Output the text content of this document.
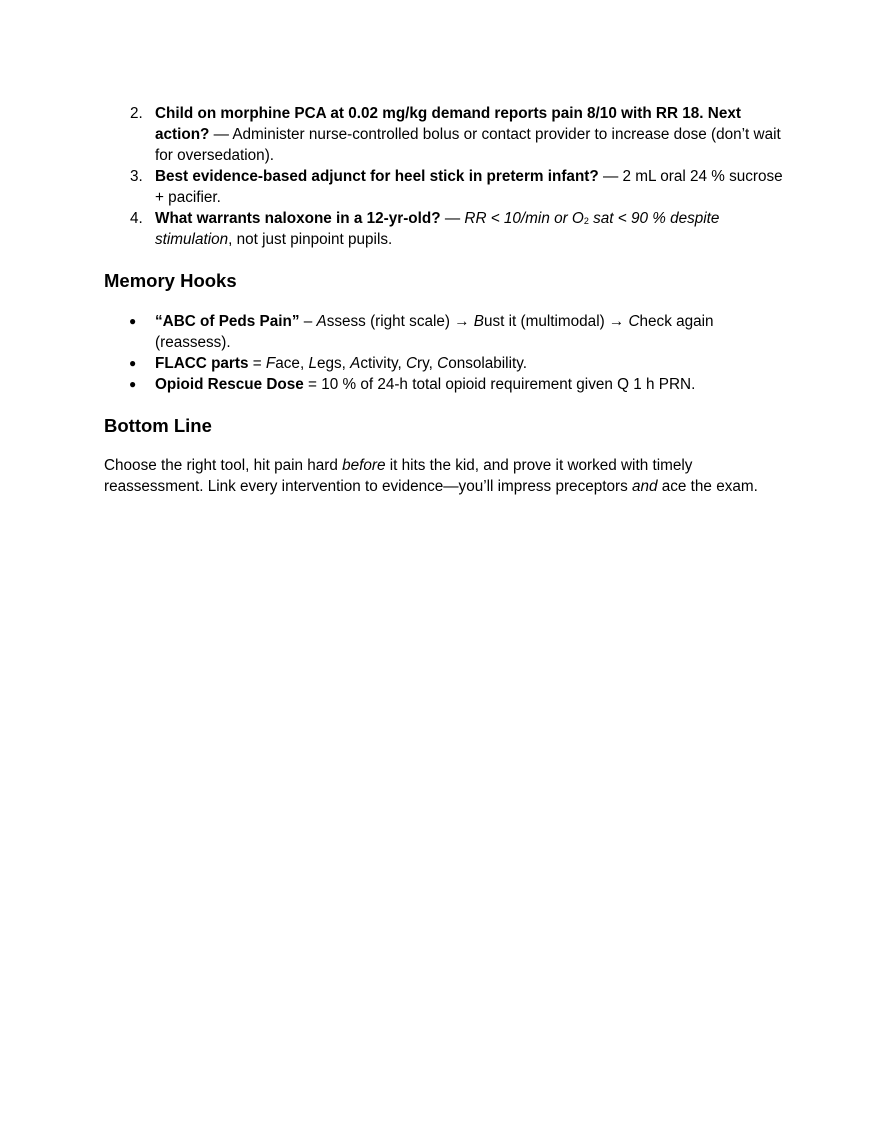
2. Child on morphine PCA at 0.02 mg/kg demand reports pain 8/10 with RR 18. Next action? — Administer nurse-controlled bolus or contact provider to increase dose (don’t wait for oversedation).
3. Best evidence-based adjunct for heel stick in preterm infant? — 2 mL oral 24 % sucrose + pacifier.
4. What warrants naloxone in a 12-yr-old? — RR < 10/min or $O_2$ sat < 90 % despite stimulation, not just pinpoint pupils.
Memory Hooks
● “ABC of Peds Pain” – Assess (right scale) → Bust it (multimodal) → Check again (reassess).
● FLACC parts = Face, Legs, Activity, Cry, Consolability.
● Opioid Rescue Dose = 10 % of 24-h total opioid requirement given Q 1 h PRN.
Bottom Line

Choose the right tool, hit pain hard before it hits the kid, and prove it worked with timely reassessment. Link every intervention to evidence—you’ll impress preceptors and ace the exam.
